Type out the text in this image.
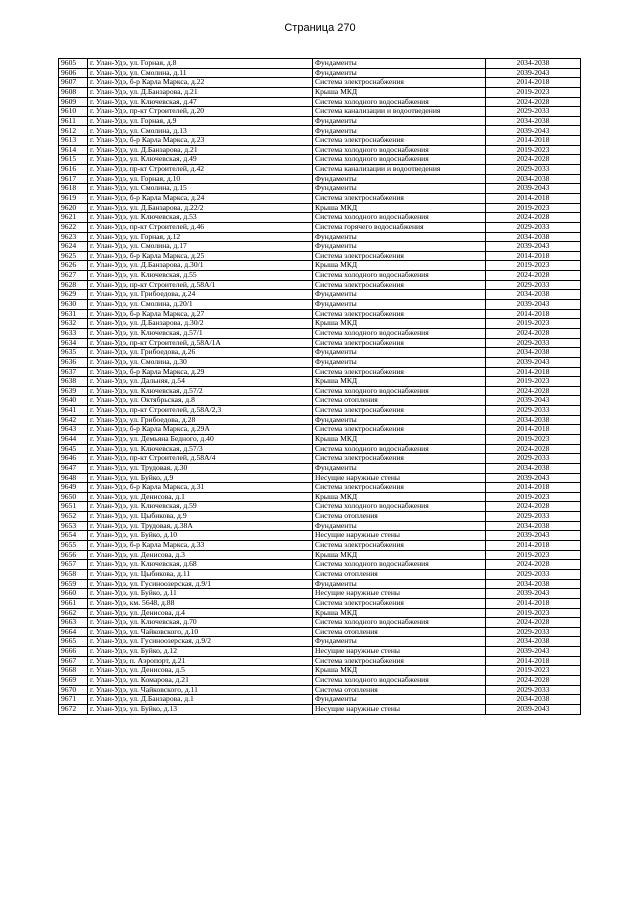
Страница 270
9605	г. Улан-Удэ, ул. Горная, д.8	Фундаменты	2034-2038
9606	г. Улан-Удэ, ул. Смолина, д.11	Фундаменты	2039-2043
9607	г. Улан-Удэ, б-р Карла Маркса, д.22	Система электроснабжения	2014-2018
9608	г. Улан-Удэ, ул. Д.Банзарова, д.21	Крыша МКД	2019-2023
9609	г. Улан-Удэ, ул. Ключевская, д.47	Система холодного водоснабжения	2024-2028
9610	г. Улан-Удэ, пр-кт Строителей, д.20	Система канализации и водоотведения	2029-2033
9611	г. Улан-Удэ, ул. Горная, д.9	Фундаменты	2034-2038
9612	г. Улан-Удэ, ул. Смолина, д.13	Фундаменты	2039-2043
9613	г. Улан-Удэ, б-р Карла Маркса, д.23	Система электроснабжения	2014-2018
9614	г. Улан-Удэ, ул. Д.Банзарова, д.21	Система холодного водоснабжения	2019-2023
9615	г. Улан-Удэ, ул. Ключевская, д.49	Система холодного водоснабжения	2024-2028
9616	г. Улан-Удэ, пр-кт Строителей, д.42	Система канализации и водоотведения	2029-2033
9617	г. Улан-Удэ, ул. Горная, д.10	Фундаменты	2034-2038
9618	г. Улан-Удэ, ул. Смолина, д.15	Фундаменты	2039-2043
9619	г. Улан-Удэ, б-р Карла Маркса, д.24	Система электроснабжения	2014-2018
9620	г. Улан-Удэ, ул. Д.Банзарова, д.22/2	Крыша МКД	2019-2023
9621	г. Улан-Удэ, ул. Ключевская, д.53	Система холодного водоснабжения	2024-2028
9622	г. Улан-Удэ, пр-кт Строителей, д.46	Система горячего водоснабжения	2029-2033
9623	г. Улан-Удэ, ул. Горная, д.12	Фундаменты	2034-2038
9624	г. Улан-Удэ, ул. Смолина, д.17	Фундаменты	2039-2043
9625	г. Улан-Удэ, б-р Карла Маркса, д.25	Система электроснабжения	2014-2018
9626	г. Улан-Удэ, ул. Д.Банзарова, д.30/1	Крыша МКД	2019-2023
9627	г. Улан-Удэ, ул. Ключевская, д.55	Система холодного водоснабжения	2024-2028
9628	г. Улан-Удэ, пр-кт Строителей, д.58А/1	Система электроснабжения	2029-2033
9629	г. Улан-Удэ, ул. Грибоедова, д.24	Фундаменты	2034-2038
9630	г. Улан-Удэ, ул. Смолина, д.20/1	Фундаменты	2039-2043
9631	г. Улан-Удэ, б-р Карла Маркса, д.27	Система электроснабжения	2014-2018
9632	г. Улан-Удэ, ул. Д.Банзарова, д.30/2	Крыша МКД	2019-2023
9633	г. Улан-Удэ, ул. Ключевская, д.57/1	Система холодного водоснабжения	2024-2028
9634	г. Улан-Удэ, пр-кт Строителей, д.58А/1А	Система электроснабжения	2029-2033
9635	г. Улан-Удэ, ул. Грибоедова, д.26	Фундаменты	2034-2038
9636	г. Улан-Удэ, ул. Смолина, д.30	Фундаменты	2039-2043
9637	г. Улан-Удэ, б-р Карла Маркса, д.29	Система электроснабжения	2014-2018
9638	г. Улан-Удэ, ул. Дальняя, д.54	Крыша МКД	2019-2023
9639	г. Улан-Удэ, ул. Ключевская, д.57/2	Система холодного водоснабжения	2024-2028
9640	г. Улан-Удэ, ул. Октябрьская, д.8	Система отопления	2039-2043
9641	г. Улан-Удэ, пр-кт Строителей, д.58А/2,3	Система электроснабжения	2029-2033
9642	г. Улан-Удэ, ул. Грибоедова, д.28	Фундаменты	2034-2038
9643	г. Улан-Удэ, б-р Карла Маркса, д.29А	Система электроснабжения	2014-2018
9644	г. Улан-Удэ, ул. Демьяна Бедного, д.40	Крыша МКД	2019-2023
9645	г. Улан-Удэ, ул. Ключевская, д.57/3	Система холодного водоснабжения	2024-2028
9646	г. Улан-Удэ, пр-кт Строителей, д.58А/4	Система электроснабжения	2029-2033
9647	г. Улан-Удэ, ул. Трудовая, д.30	Фундаменты	2034-2038
9648	г. Улан-Удэ, ул. Буйко, д.9	Несущие наружные стены	2039-2043
9649	г. Улан-Удэ, б-р Карла Маркса, д.31	Система электроснабжения	2014-2018
9650	г. Улан-Удэ, ул. Денисова, д.1	Крыша МКД	2019-2023
9651	г. Улан-Удэ, ул. Ключевская, д.59	Система холодного водоснабжения	2024-2028
9652	г. Улан-Удэ, ул. Цыбикова, д.9	Система отопления	2029-2033
9653	г. Улан-Удэ, ул. Трудовая, д.38А	Фундаменты	2034-2038
9654	г. Улан-Удэ, ул. Буйко, д.10	Несущие наружные стены	2039-2043
9655	г. Улан-Удэ, б-р Карла Маркса, д.33	Система электроснабжения	2014-2018
9656	г. Улан-Удэ, ул. Денисова, д.3	Крыша МКД	2019-2023
9657	г. Улан-Удэ, ул. Ключевская, д.68	Система холодного водоснабжения	2024-2028
9658	г. Улан-Удэ, ул. Цыбикова, д.11	Система отопления	2029-2033
9659	г. Улан-Удэ, ул. Гусиноозерская, д.9/1	Фундаменты	2034-2038
9660	г. Улан-Удэ, ул. Буйко, д.11	Несущие наружные стены	2039-2043
9661	г. Улан-Удэ, км. 5648, д.88	Система электроснабжения	2014-2018
9662	г. Улан-Удэ, ул. Денисова, д.4	Крыша МКД	2019-2023
9663	г. Улан-Удэ, ул. Ключевская, д.70	Система холодного водоснабжения	2024-2028
9664	г. Улан-Удэ, ул. Чайковского, д.10	Система отопления	2029-2033
9665	г. Улан-Удэ, ул. Гусиноозерская, д.9/2	Фундаменты	2034-2038
9666	г. Улан-Удэ, ул. Буйко, д.12	Несущие наружные стены	2039-2043
9667	г. Улан-Удэ, п. Аэропорт, д.21	Система электроснабжения	2014-2018
9668	г. Улан-Удэ, ул. Денисова, д.5	Крыша МКД	2019-2023
9669	г. Улан-Удэ, ул. Комарова, д.21	Система холодного водоснабжения	2024-2028
9670	г. Улан-Удэ, ул. Чайковского, д.11	Система отопления	2029-2033
9671	г. Улан-Удэ, ул. Д.Банзарова, д.1	Фундаменты	2034-2038
9672	г. Улан-Удэ, ул. Буйко, д.13	Несущие наружные стены	2039-2043
